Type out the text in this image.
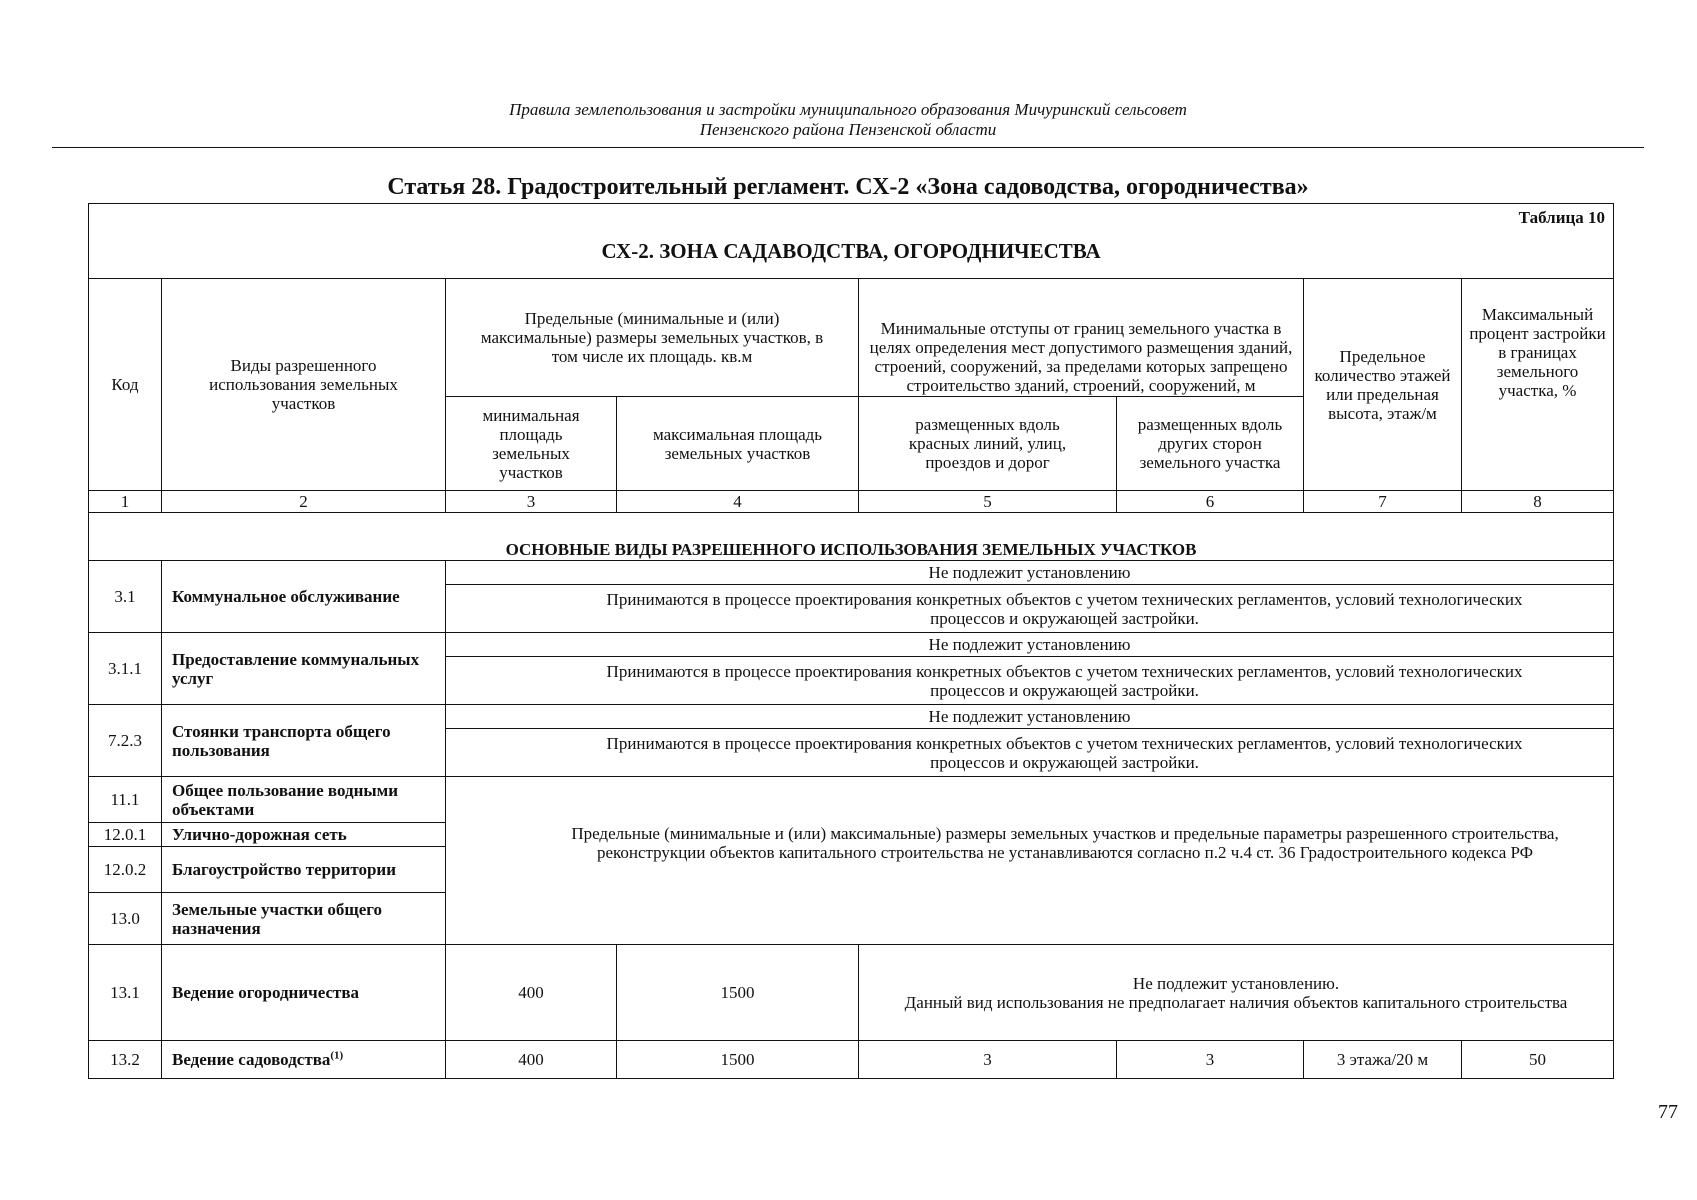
Правила землепользования и застройки муниципального образования Мичуринский сельсовет
Пензенского района Пензенской области
Статья 28. Градостроительный регламент. СХ-2 «Зона садоводства, огородничества»
Таблица 10
СХ-2. ЗОНА САДАВОДСТВА, ОГОРОДНИЧЕСТВА							

Код	Виды разрешенного использования земельных участков	Предельные (минимальные и (или) максимальные) размеры земельных участков, в том числе их площадь. кв.м		Минимальные отступы от границ земельного участка в целях определения мест допустимого размещения зданий, строений, сооружений, за пределами которых запрещено строительство зданий, строений, сооружений, м		Предельное количество этажей или предельная высота, этаж/м	Максимальный процент застройки в границах земельного участка, %
		минимальная площадь земельных участков	максимальная площадь земельных участков	размещенных вдоль красных линий, улиц, проездов и дорог	размещенных вдоль других сторон земельного участка		
1	2	3	4	5	6	7	8
ОСНОВНЫЕ ВИДЫ РАЗРЕШЕННОГО ИСПОЛЬЗОВАНИЯ ЗЕМЕЛЬНЫХ УЧАСТКОВ							
3.1	Коммунальное обслуживание	Не подлежит установлению					
		Принимаются в процессе проектирования конкретных объектов с учетом технических регламентов, условий технологических процессов и окружающей застройки.					
3.1.1	Предоставление коммунальных услуг	Не подлежит установлению					
		Принимаются в процессе проектирования конкретных объектов с учетом технических регламентов, условий технологических процессов и окружающей застройки.					
7.2.3	Стоянки транспорта общего пользования	Не подлежит установлению					
		Принимаются в процессе проектирования конкретных объектов с учетом технических регламентов, условий технологических процессов и окружающей застройки.					
11.1	Общее пользование водными объектами	Предельные (минимальные и (или) максимальные) размеры земельных участков и предельные параметры разрешенного строительства, реконструкции объектов капитального строительства не устанавливаются согласно п.2 ч.4 ст. 36 Градостроительного кодекса РФ					
12.0.1	Улично-дорожная сеть						
12.0.2	Благоустройство территории						
13.0	Земельные участки общего назначения						
13.1	Ведение огородничества	400	1500	Не подлежит установлению.
Данный вид использования не предполагает наличия объектов капитального строительства			

13.2	Ведение садоводства$^{(1)}$	400	1500	3	3	3 этажа/20 м	50
77
